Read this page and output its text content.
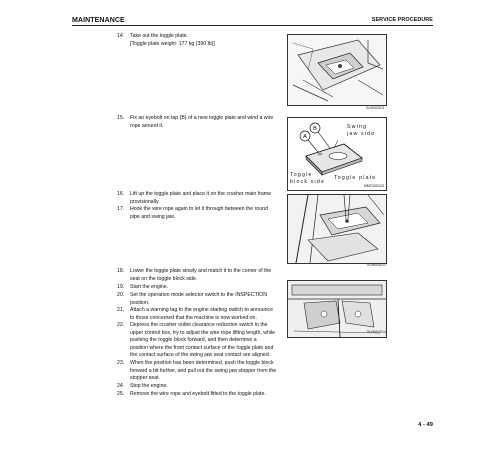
MAINTENANCE	SERVICE PROCEDURE
14.	Take out the toggle plate.
[Toggle plate weight: 177 kg {390 lb}]
SU9003011
15.	Fix an eyebolt on tap (B) of a new toggle plate and wind a wire
rope around it.
A
B	Swing jaw side
Toggle block side
Toggle plate
MMT000123
16.	Lift up the toggle plate and place it on the crusher main frame
provisionally.
17.	Hook the wire rope again to let it through between the round
pipe and swing jaw.
SU9003013
18.	Lower the toggle plate slowly and match it to the corner of the
seat on the toggle block side.
19.	Start the engine.
20.	Set the operation mode selector switch to the INSPECTION
position.
21.	Attach a warning tag to the engine starting switch to announce
to those concerned that the machine is now worked on.
22.	Depress the crusher outlet clearance reduction switch in the
upper control box, try to adjust the wire rope lifting length, while
pushing the toggle block forward, and then determine a
position where the front contact surface of the toggle plate and
the contact surface of the swing jaw seat contact are aligned.
SU9003014
23.	When the position has been determined, push the toggle block
forward a bit further, and pull out the swing jaw stopper from the
stopper seat.
24.	Stop the engine.
25.	Remove the wire rope and eyebolt fitted to the toggle plate.
4 - 49
